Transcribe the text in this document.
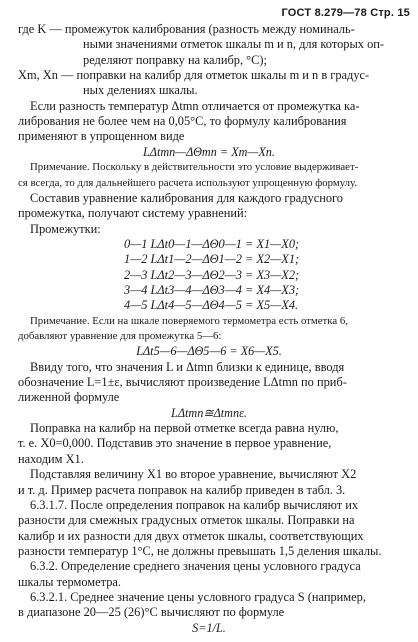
ГОСТ 8.279—78 Стр. 15
где K — промежуток калибрования (разность между номиналь-
ными значениями отметок шкалы m и n, для которых оп-
ределяют поправку на калибр, °С);
Xm, Xn — поправки на калибр для отметок шкалы m и n в градус-
ных делениях шкалы.
Если разность температур Δtmn отличается от промежутка ка-
либрования не более чем на 0,05°С, то формулу калибрования
применяют в упрощенном виде
LΔtmn—ΔΘmn = Xm—Xn.
Примечание. Поскольку в действительности это условие выдерживает-
ся всегда, то для дальнейшего расчета используют упрощенную формулу.
Составив уравнение калибрования для каждого градусного
промежутка, получают систему уравнений:
Промежутки:
0—1 LΔt0—1—ΔΘ0—1 = X1—X0;
1—2 LΔt1—2—ΔΘ1—2 = X2—X1;
2—3 LΔt2—3—ΔΘ2—3 = X3—X2;
3—4 LΔt3—4—ΔΘ3—4 = X4—X3;
4—5 LΔt4—5—ΔΘ4—5 = X5—X4.
Примечание. Если на шкале поверяемого термометра есть отметка 6,
добавляют уравнение для промежутка 5—6:
LΔt5—6—ΔΘ5—6 = X6—X5.
Ввиду того, что значения L и Δtmn близки к единице, вводя
обозначение L=1±ε, вычисляют произведение LΔtmn по приб-
лиженной формуле
LΔtmn≅Δtmnε.
Поправка на калибр на первой отметке всегда равна нулю,
т. е. X0=0,000. Подставив это значение в первое уравнение,
находим X1.
Подставляя величину X1 во второе уравнение, вычисляют X2
и т. д. Пример расчета поправок на калибр приведен в табл. 3.
6.3.1.7. После определения поправок на калибр вычисляют их
разности для смежных градусных отметок шкалы. Поправки на
калибр и их разности для двух отметок шкалы, соответствующих
разности температур 1°С, не должны превышать 1,5 деления шкалы.
6.3.2. Определение среднего значения цены условного градуса
шкалы термометра.
6.3.2.1. Среднее значение цены условного градуса S (например,
в диапазоне 20—25 (26)°С вычисляют по формуле
S=1/L.
